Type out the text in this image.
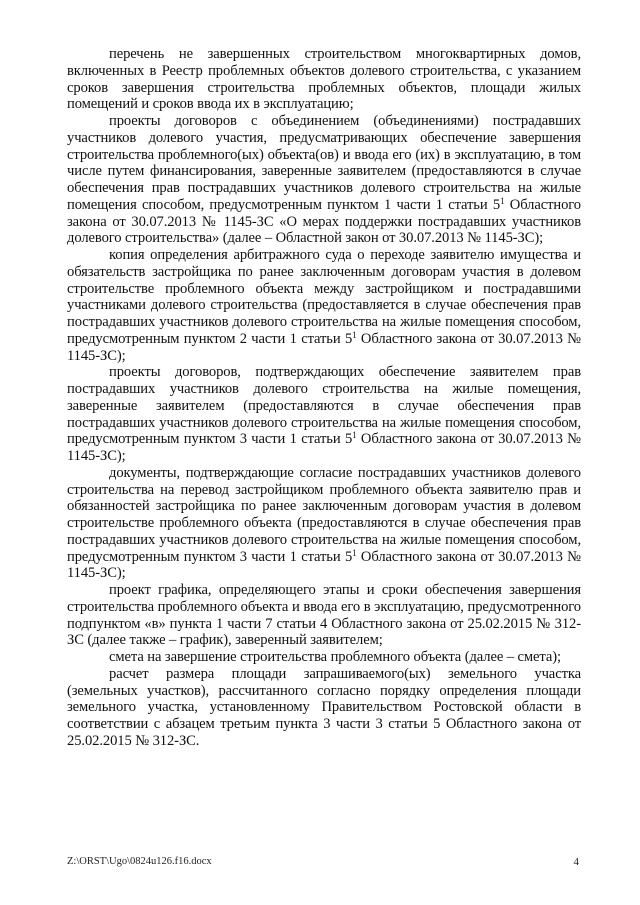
перечень не завершенных строительством многоквартирных домов, включенных в Реестр проблемных объектов долевого строительства, с указанием сроков завершения строительства проблемных объектов, площади жилых помещений и сроков ввода их в эксплуатацию;

проекты договоров с объединением (объединениями) пострадавших участников долевого участия, предусматривающих обеспечение завершения строительства проблемного(ых) объекта(ов) и ввода его (их) в эксплуатацию, в том числе путем финансирования, заверенные заявителем (предоставляются в случае обеспечения прав пострадавших участников долевого строительства на жилые помещения способом, предусмотренным пунктом 1 части 1 статьи $5^1$ Областного закона от 30.07.2013 № 1145-ЗС «О мерах поддержки пострадавших участников долевого строительства» (далее – Областной закон от 30.07.2013 № 1145-ЗС);

копия определения арбитражного суда о переходе заявителю имущества и обязательств застройщика по ранее заключенным договорам участия в долевом строительстве проблемного объекта между застройщиком и пострадавшими участниками долевого строительства (предоставляется в случае обеспечения прав пострадавших участников долевого строительства на жилые помещения способом, предусмотренным пунктом 2 части 1 статьи $5^1$ Областного закона от 30.07.2013 № 1145-ЗС);

проекты договоров, подтверждающих обеспечение заявителем прав пострадавших участников долевого строительства на жилые помещения, заверенные заявителем (предоставляются в случае обеспечения прав пострадавших участников долевого строительства на жилые помещения способом, предусмотренным пунктом 3 части 1 статьи $5^1$ Областного закона от 30.07.2013 № 1145-ЗС);

документы, подтверждающие согласие пострадавших участников долевого строительства на перевод застройщиком проблемного объекта заявителю прав и обязанностей застройщика по ранее заключенным договорам участия в долевом строительстве проблемного объекта (предоставляются в случае обеспечения прав пострадавших участников долевого строительства на жилые помещения способом, предусмотренным пунктом 3 части 1 статьи $5^1$ Областного закона от 30.07.2013 № 1145-ЗС);

проект графика, определяющего этапы и сроки обеспечения завершения строительства проблемного объекта и ввода его в эксплуатацию, предусмотренного подпунктом «в» пункта 1 части 7 статьи 4 Областного закона от 25.02.2015 № 312-ЗС (далее также – график), заверенный заявителем;

смета на завершение строительства проблемного объекта (далее – смета);

расчет размера площади запрашиваемого(ых) земельного участка (земельных участков), рассчитанного согласно порядку определения площади земельного участка, установленному Правительством Ростовской области в соответствии с абзацем третьим пункта 3 части 3 статьи 5 Областного закона от 25.02.2015 № 312-ЗС.

Z:\ORST\Ugo\0824u126.f16.docx	4
